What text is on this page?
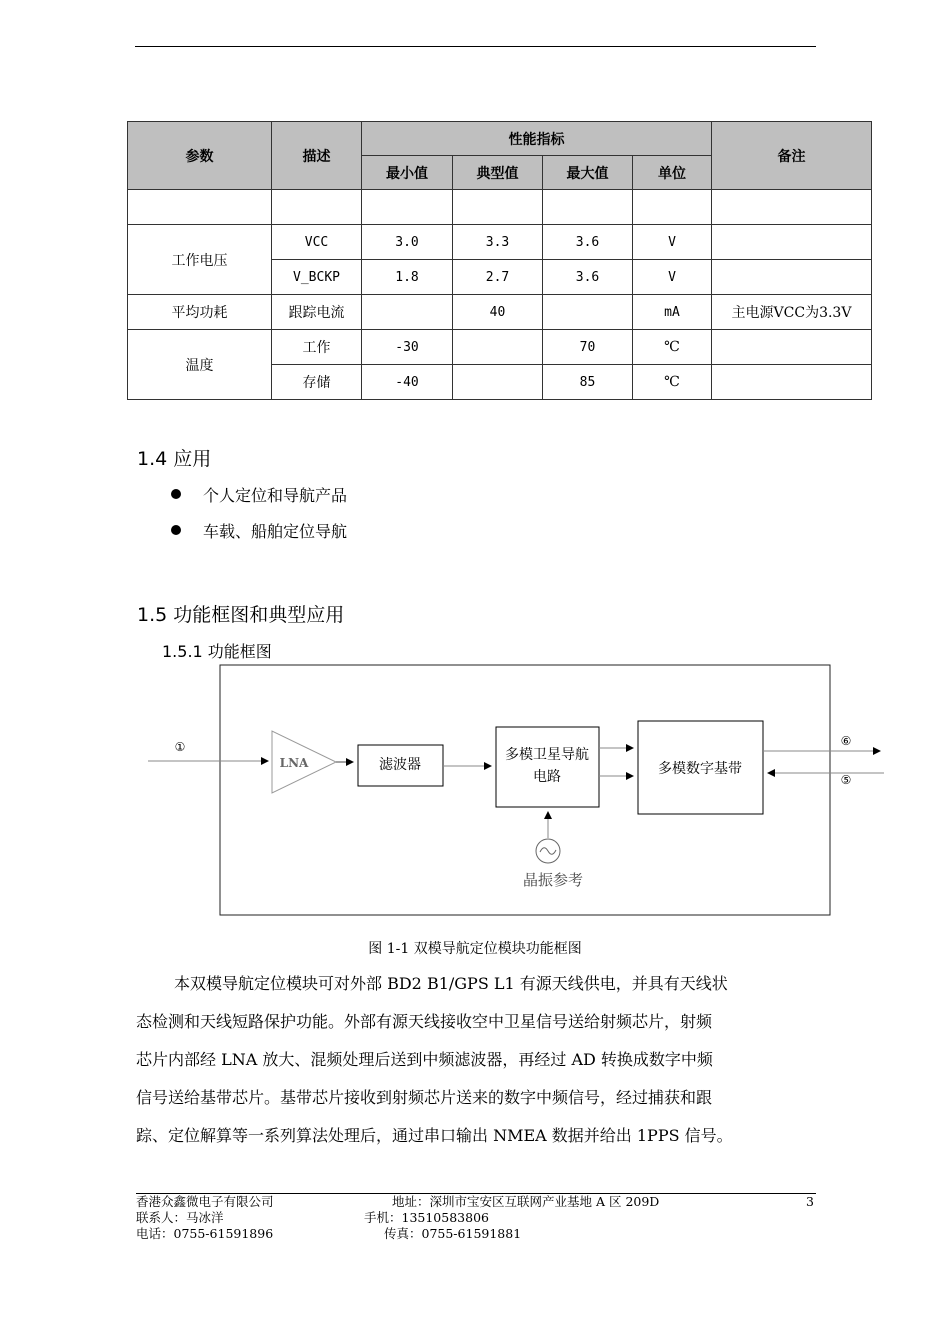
参数	描述	性能指标				备注
		最小值	典型值	最大值	单位	

工作电压	VCC	3.0	3.3	3.6	V	
	V_BCKP	1.8	2.7	3.6	V	
平均功耗	跟踪电流		40		mA	主电源VCC为3.3V
温度	工作	-30		70	℃	
	存储	-40		85	℃	
1.4 应用
个人定位和导航产品
车载、船舶定位导航
1.5 功能框图和典型应用
1.5.1 功能框图
①
LNA	滤波器
多模卫星导航
电路	多模数字基带
⑥
⑤
晶振参考
图 1-1 双模导航定位模块功能框图
本双模导航定位模块可对外部 BD2 B1/GPS L1 有源天线供电，并具有天线状
态检测和天线短路保护功能。外部有源天线接收空中卫星信号送给射频芯片，射频
芯片内部经 LNA 放大、混频处理后送到中频滤波器，再经过 AD 转换成数字中频
信号送给基带芯片。基带芯片接收到射频芯片送来的数字中频信号，经过捕获和跟
踪、定位解算等一系列算法处理后，通过串口输出 NMEA 数据并给出 1PPS 信号。
香港众鑫微电子有限公司	地址：深圳市宝安区互联网产业基地 A 区 209D	3
联系人：马冰洋	手机：13510583806
电话：0755-61591896	传真：0755-61591881
